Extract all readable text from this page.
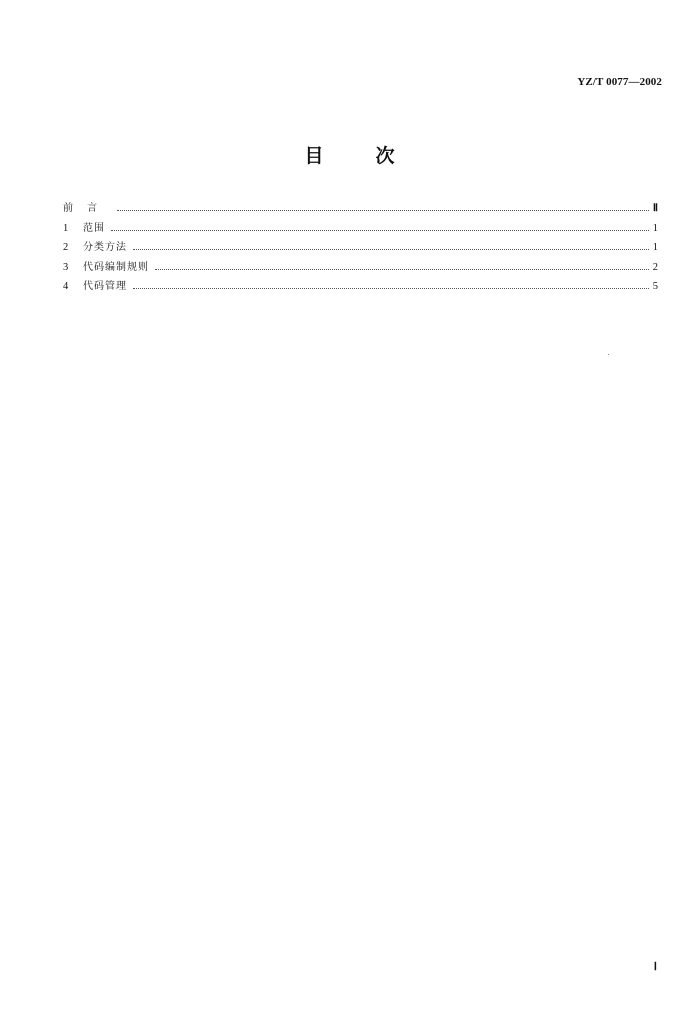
YZ/T 0077—2002
目	次
前言	Ⅱ
1	范围	1
2	分类方法	1
3	代码编制规则	2
4	代码管理	5
Ⅰ
